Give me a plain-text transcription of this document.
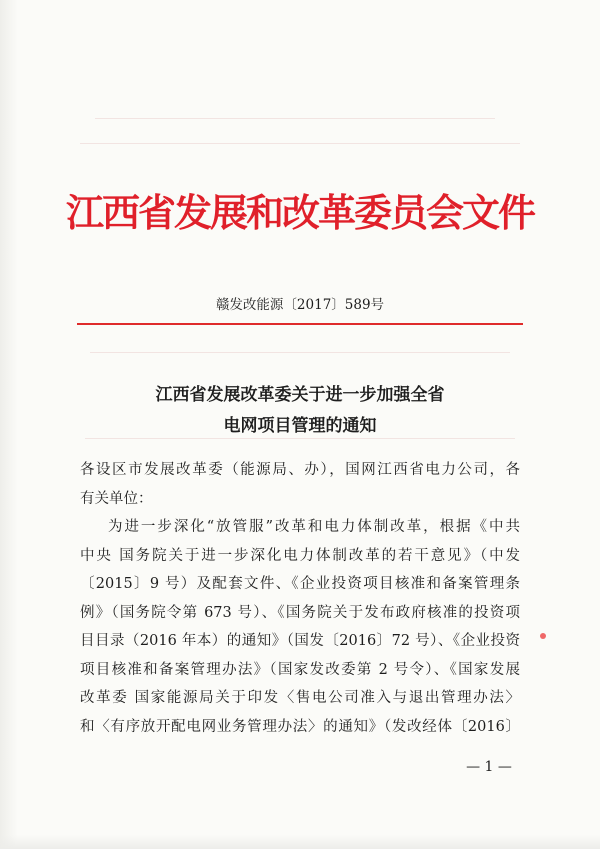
江西省发展和改革委员会文件
赣发改能源〔2017〕589号
江西省发展改革委关于进一步加强全省
电网项目管理的通知
各设区市发展改革委（能源局、办），国网江西省电力公司，各
有关单位：
为进一步深化“放管服”改革和电力体制改革，根据《中共
中央 国务院关于进一步深化电力体制改革的若干意见》（中发
〔2015〕9 号）及配套文件、《企业投资项目核准和备案管理条
例》（国务院令第 673 号）、《国务院关于发布政府核准的投资项
目目录（2016 年本）的通知》（国发〔2016〕72 号）、《企业投资
项目核准和备案管理办法》（国家发改委第 2 号令）、《国家发展
改革委 国家能源局关于印发〈售电公司准入与退出管理办法〉
和〈有序放开配电网业务管理办法〉的通知》（发改经体〔2016〕
— 1 —
